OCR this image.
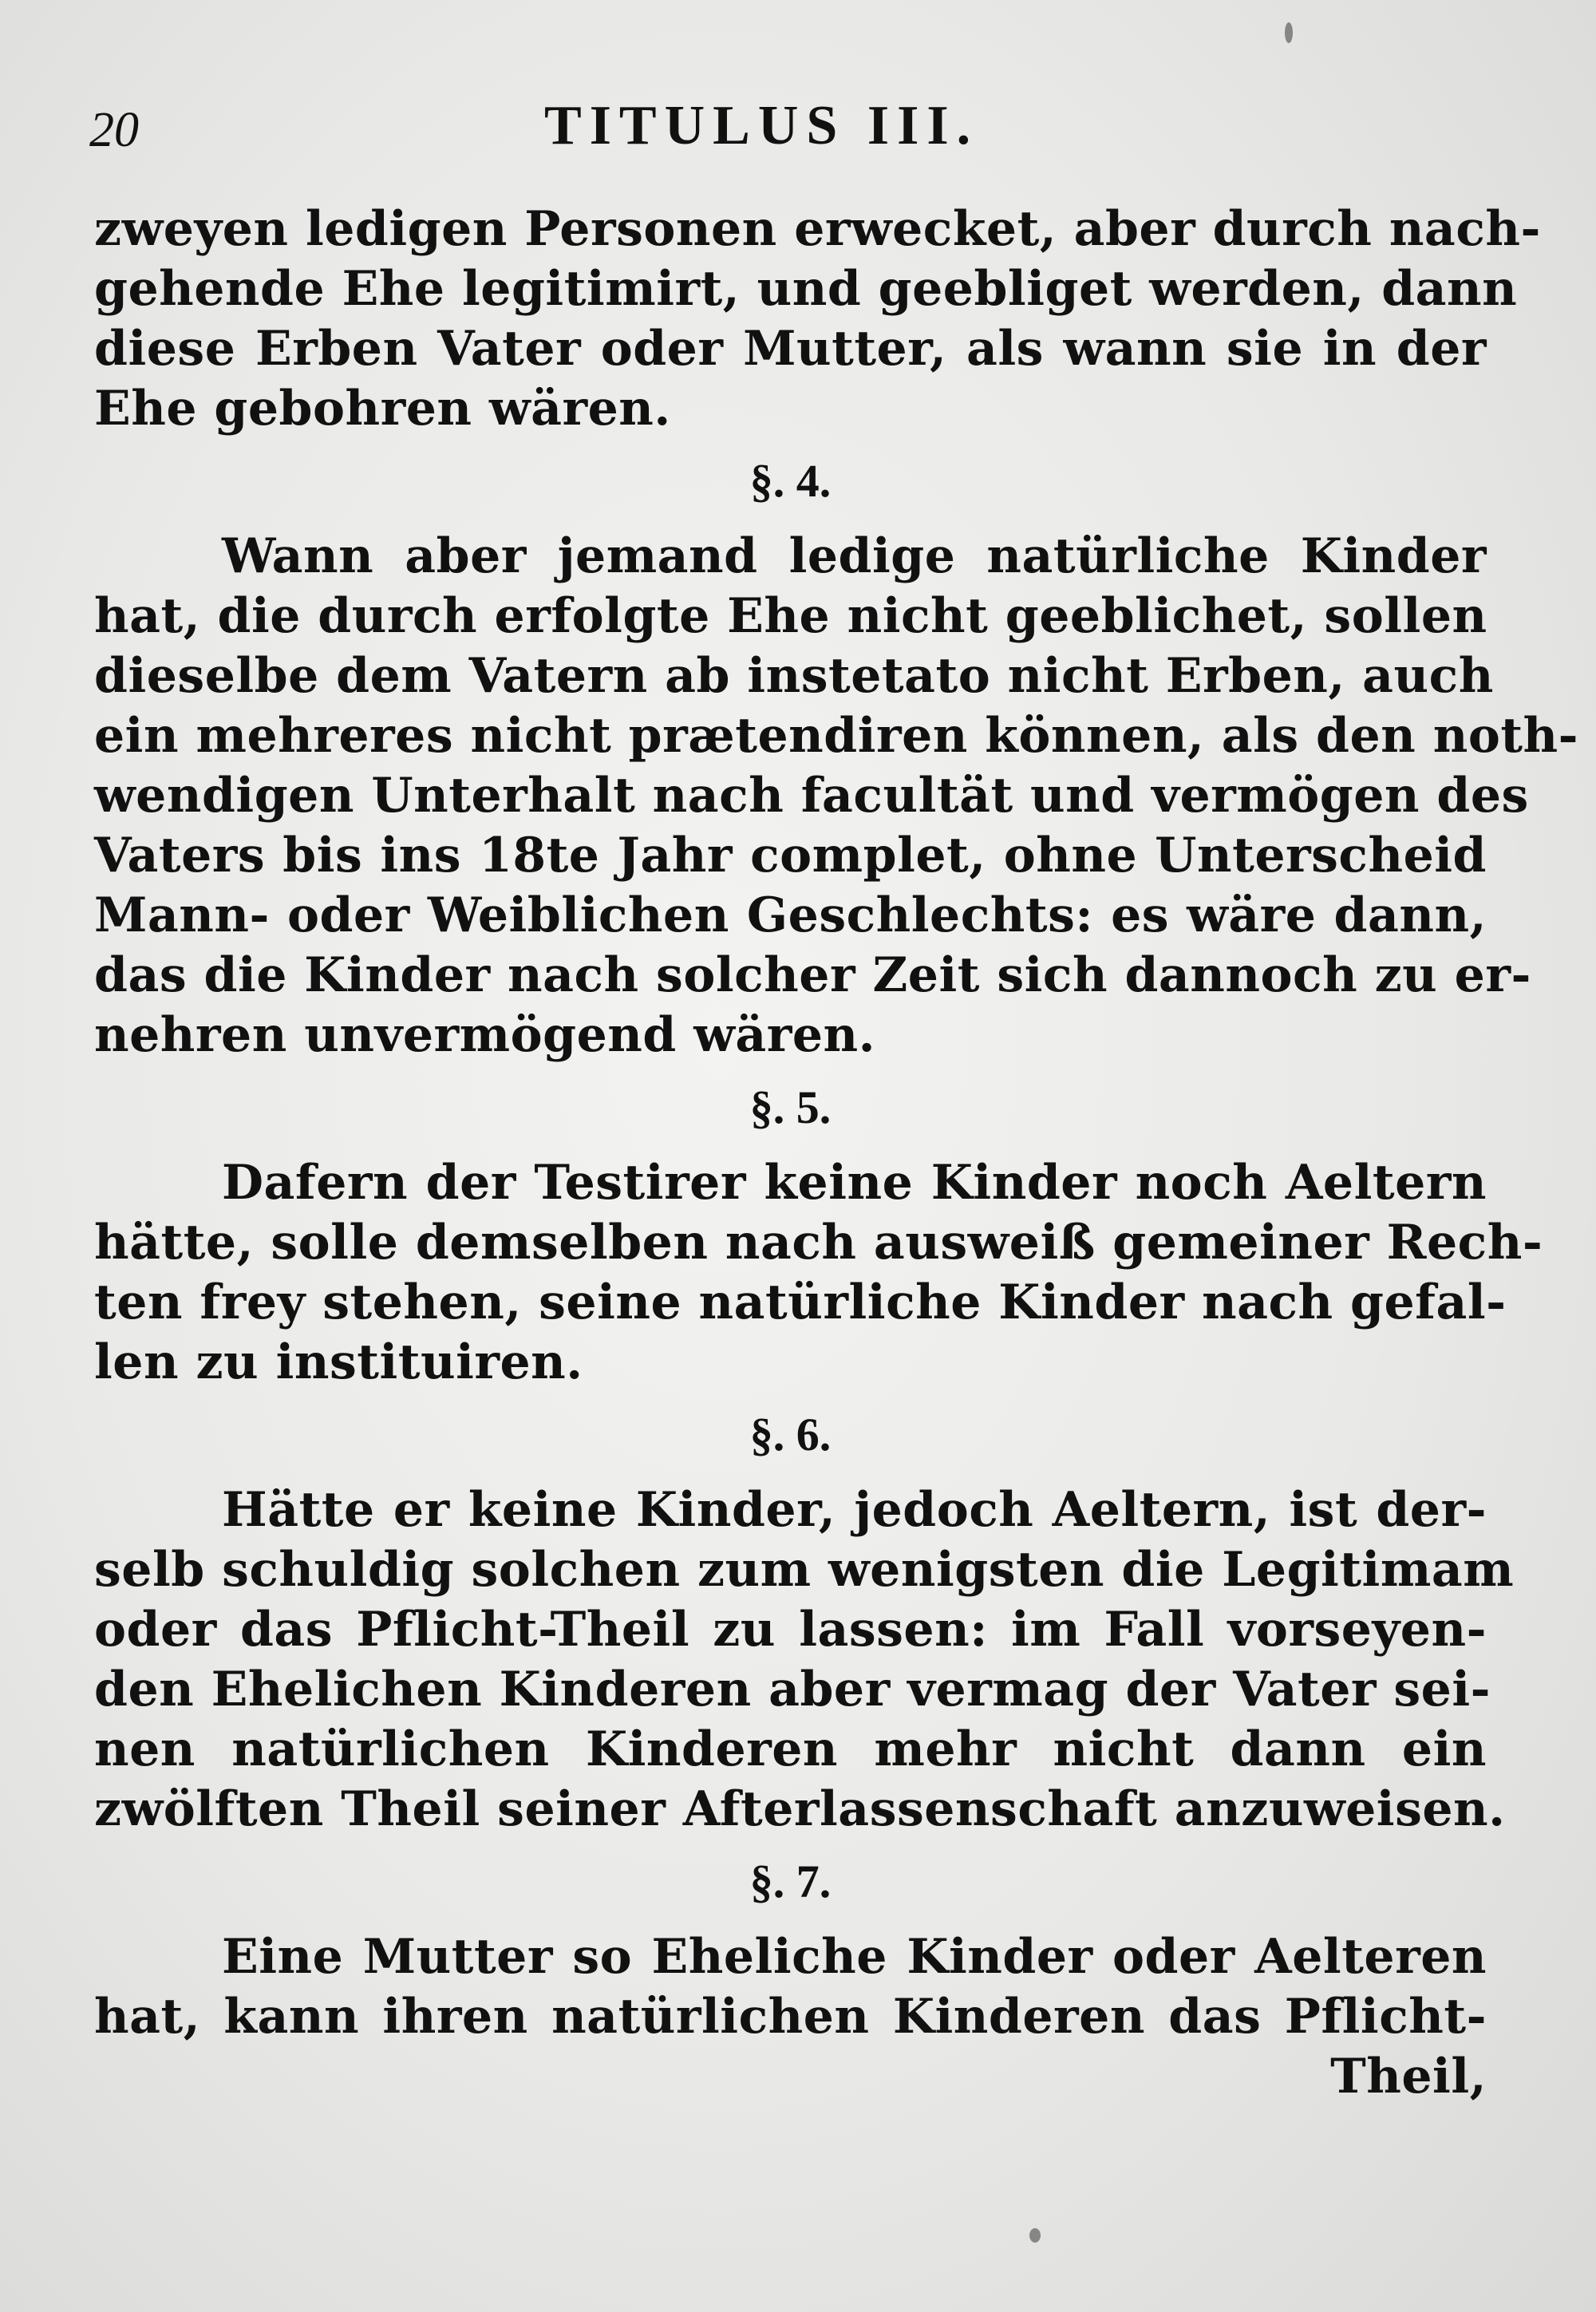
20	TITULUS III.
zweyen ledigen Personen erwecket, aber durch nach-
gehende Ehe legitimirt, und geebliget werden, dann
diese Erben Vater oder Mutter, als wann sie in der
Ehe gebohren wären.
§. 4.
Wann aber jemand ledige natürliche Kinder
hat, die durch erfolgte Ehe nicht geeblichet, sollen
dieselbe dem Vatern ab instetato nicht Erben, auch
ein mehreres nicht prætendiren können, als den noth-
wendigen Unterhalt nach facultät und vermögen des
Vaters bis ins 18te Jahr complet, ohne Unterscheid
Mann- oder Weiblichen Geschlechts: es wäre dann,
das die Kinder nach solcher Zeit sich dannoch zu er-
nehren unvermögend wären.
§. 5.
Dafern der Testirer keine Kinder noch Aeltern
hätte, solle demselben nach ausweiß gemeiner Rech-
ten frey stehen, seine natürliche Kinder nach gefal-
len zu instituiren.
§. 6.
Hätte er keine Kinder, jedoch Aeltern, ist der-
selb schuldig solchen zum wenigsten die Legitimam
oder das Pflicht-Theil zu lassen: im Fall vorseyen-
den Ehelichen Kinderen aber vermag der Vater sei-
nen natürlichen Kinderen mehr nicht dann ein
zwölften Theil seiner Afterlassenschaft anzuweisen.
§. 7.
Eine Mutter so Eheliche Kinder oder Aelteren
hat, kann ihren natürlichen Kinderen das Pflicht-
Theil,
